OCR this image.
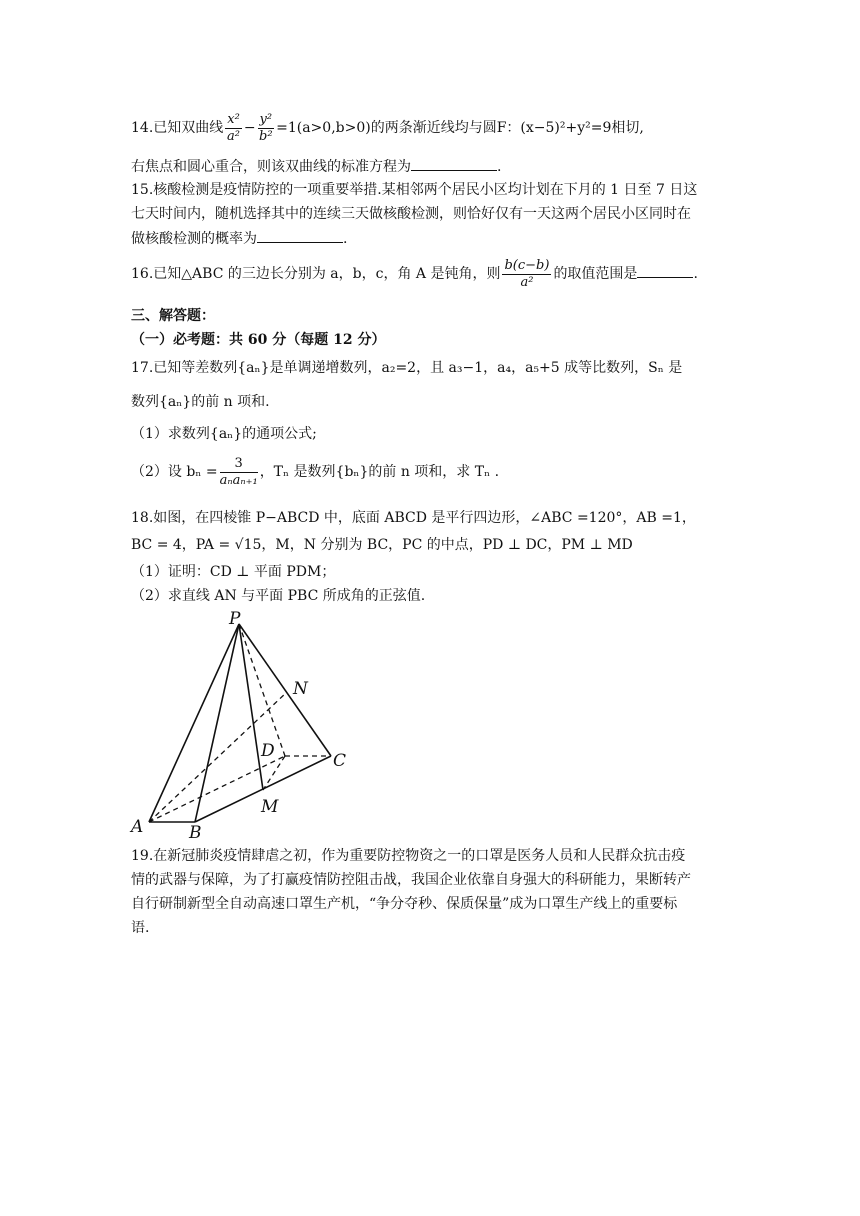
14.已知双曲线 $\frac{\text{x²}}{\text{a²}} - \frac{\text{y²}}{\text{b²}} =1(a>0,b>0)$的两条渐近线均与圆F：(x−5)²+y²=9相切,
右焦点和圆心重合，则该双曲线的标准方程为	.
15.核酸检测是疫情防控的一项重要举措.某相邻两个居民小区均计划在下月的 1 日至 7 日这
七天时间内，随机选择其中的连续三天做核酸检测，则恰好仅有一天这两个居民小区同时在
做核酸检测的概率为	.
16.已知△ABC 的三边长分别为 a，b，c，角 A 是钝角，则 $\frac{b(c-b)}{\text{a²}}$ 的取值范围是	.
三、解答题：
（一）必考题：共 60 分（每题 12 分）
17.已知等差数列{aₙ}是单调递增数列，a₂=2，且 a₃−1，a₄，a₅+5 成等比数列，Sₙ 是
数列{aₙ}的前 n 项和.
（1）求数列{aₙ}的通项公式;
（2）设 $b_n = \frac{3}{\text{aₙaₙ₊₁}}$ ，Tₙ 是数列{bₙ}的前 n 项和，求 Tₙ .
18.如图，在四棱锥 P−ABCD 中，底面 ABCD 是平行四边形，∠ABC =120°，AB =1，
BC = 4，PA = √15，M，N 分别为 BC，PC 的中点，PD ⊥ DC，PM ⊥ MD
（1）证明：CD ⊥ 平面 PDM；
（2）求直线 AN 与平面 PBC 所成角的正弦值.
P
N
D	C
M
A	B
19.在新冠肺炎疫情肆虐之初，作为重要防控物资之一的口罩是医务人员和人民群众抗击疫
情的武器与保障，为了打赢疫情防控阻击战，我国企业依靠自身强大的科研能力，果断转产
自行研制新型全自动高速口罩生产机，“争分夺秒、保质保量”成为口罩生产线上的重要标
语.
